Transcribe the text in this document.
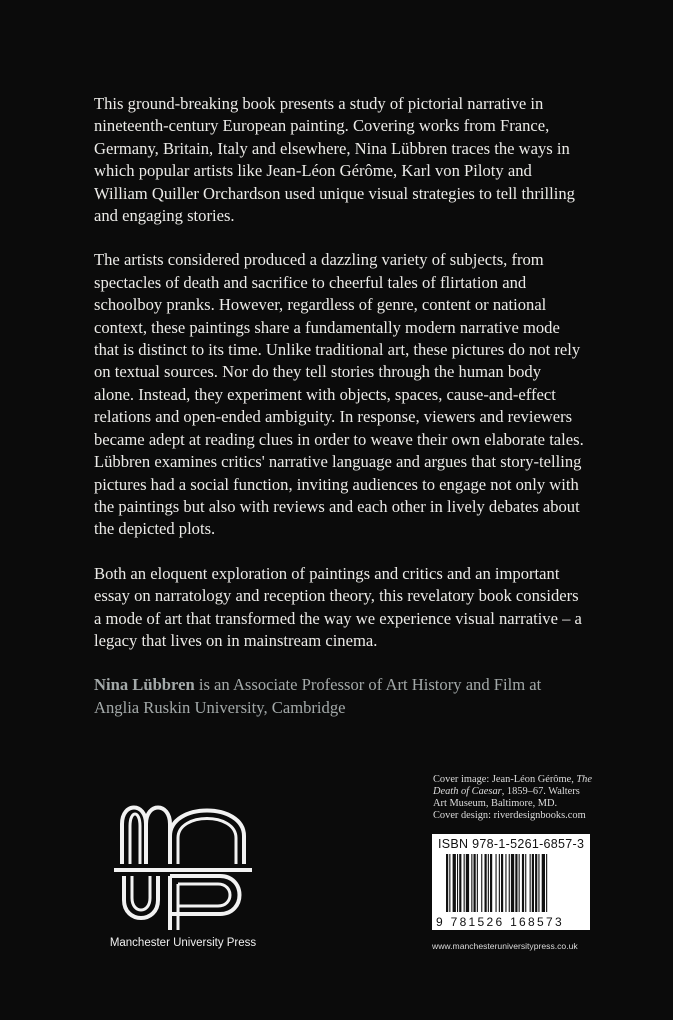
This ground-breaking book presents a study of pictorial narrative in nineteenth-century European painting. Covering works from France, Germany, Britain, Italy and elsewhere, Nina Lübbren traces the ways in which popular artists like Jean-Léon Gérôme, Karl von Piloty and William Quiller Orchardson used unique visual strategies to tell thrilling and engaging stories.

The artists considered produced a dazzling variety of subjects, from spectacles of death and sacrifice to cheerful tales of flirtation and schoolboy pranks. However, regardless of genre, content or national context, these paintings share a fundamentally modern narrative mode that is distinct to its time. Unlike traditional art, these pictures do not rely on textual sources. Nor do they tell stories through the human body alone. Instead, they experiment with objects, spaces, cause-and-effect relations and open-ended ambiguity. In response, viewers and reviewers became adept at reading clues in order to weave their own elaborate tales. Lübbren examines critics' narrative language and argues that story-telling pictures had a social function, inviting audiences to engage not only with the paintings but also with reviews and each other in lively debates about the depicted plots.

Both an eloquent exploration of paintings and critics and an important essay on narratology and reception theory, this revelatory book considers a mode of art that transformed the way we experience visual narrative – a legacy that lives on in mainstream cinema.

Nina Lübbren is an Associate Professor of Art History and Film at Anglia Ruskin University, Cambridge

Manchester University Press
Cover image: Jean-Léon Gérôme, The Death of Caesar, 1859–67. Walters Art Museum, Baltimore, MD.
Cover design: riverdesignbooks.com
ISBN 978-1-5261-6857-3
9 781526 168573
www.manchesteruniversitypress.co.uk
